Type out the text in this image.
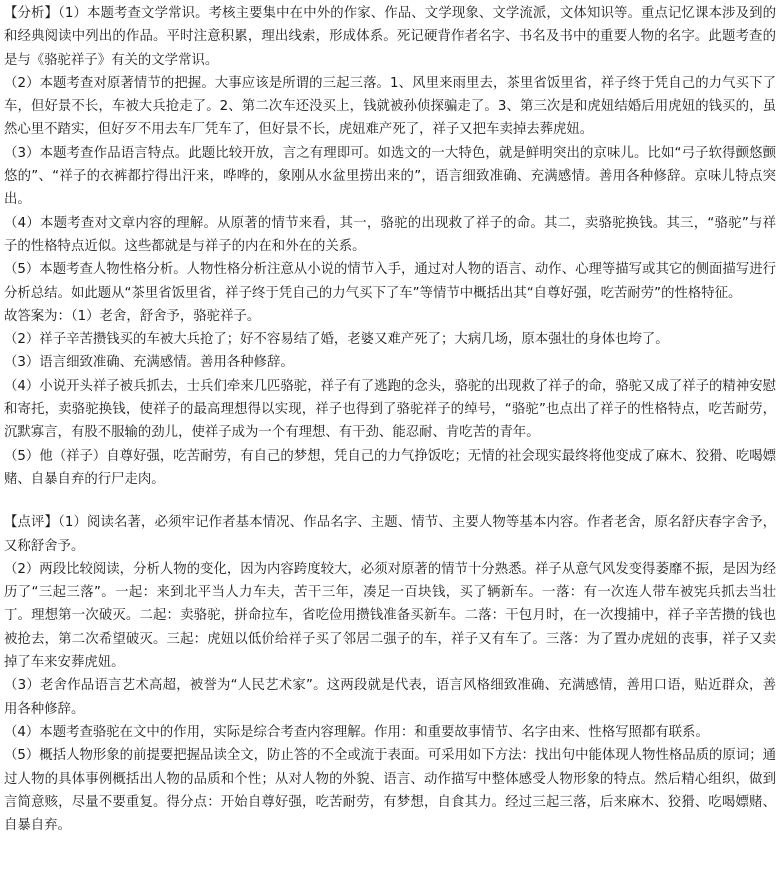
【分析】（1）本题考查文学常识。考核主要集中在中外的作家、作品、文学现象、文学流派，文体知识等。重点记忆课本涉及到的和经典阅读中列出的作品。平时注意积累，理出线索，形成体系。死记硬背作者名字、书名及书中的重要人物的名字。此题考查的是与《骆驼祥子》有关的文学常识。

（2）本题考查对原著情节的把握。大事应该是所谓的三起三落。1、风里来雨里去，茶里省饭里省，祥子终于凭自己的力气买下了车，但好景不长，车被大兵抢走了。2、第二次车还没买上，钱就被孙侦探骗走了。3、第三次是和虎妞结婚后用虎妞的钱买的，虽然心里不踏实，但好歹不用去车厂凭车了，但好景不长，虎妞难产死了，祥子又把车卖掉去葬虎妞。

（3）本题考查作品语言特点。此题比较开放，言之有理即可。如选文的一大特色，就是鲜明突出的京味儿。比如“弓子软得颤悠颤悠的”、“祥子的衣裤都拧得出汗来，哗哗的，象刚从水盆里捞出来的”，语言细致准确、充满感情。善用各种修辞。京味儿特点突出。

（4）本题考查对文章内容的理解。从原著的情节来看，其一，骆驼的出现救了祥子的命。其二，卖骆驼换钱。其三，“骆驼”与祥子的性格特点近似。这些都就是与祥子的内在和外在的关系。

（5）本题考查人物性格分析。人物性格分析注意从小说的情节入手，通过对人物的语言、动作、心理等描写或其它的侧面描写进行分析总结。如此题从“茶里省饭里省，祥子终于凭自己的力气买下了车”等情节中概括出其“自尊好强，吃苦耐劳”的性格特征。

故答案为：（1）老舍，舒舍予，骆驼祥子。

（2）祥子辛苦攒钱买的车被大兵抢了；好不容易结了婚，老婆又难产死了；大病几场，原本强壮的身体也垮了。

（3）语言细致准确、充满感情。善用各种修辞。

（4）小说开头祥子被兵抓去，士兵们牵来几匹骆驼，祥子有了逃跑的念头，骆驼的出现救了祥子的命，骆驼又成了祥子的精神安慰和寄托，卖骆驼换钱，使祥子的最高理想得以实现，祥子也得到了骆驼祥子的绰号，“骆驼”也点出了祥子的性格特点，吃苦耐劳，沉默寡言，有股不服输的劲儿，使祥子成为一个有理想、有干劲、能忍耐、肯吃苦的青年。

（5）他（祥子）自尊好强，吃苦耐劳，有自己的梦想，凭自己的力气挣饭吃；无情的社会现实最终将他变成了麻木、狡猾、吃喝嫖赌、自暴自弃的行尸走肉。

【点评】（1）阅读名著，必须牢记作者基本情况、作品名字、主题、情节、主要人物等基本内容。作者老舍，原名舒庆春字舍予，又称舒舍予。

（2）两段比较阅读，分析人物的变化，因为内容跨度较大，必须对原著的情节十分熟悉。祥子从意气风发变得萎靡不振，是因为经历了“三起三落”。一起：来到北平当人力车夫，苦干三年，凑足一百块钱，买了辆新车。一落：有一次连人带车被宪兵抓去当壮丁。理想第一次破灭。二起：卖骆驼，拼命拉车，省吃俭用攒钱准备买新车。二落：干包月时，在一次搜捕中，祥子辛苦攒的钱也被抢去，第二次希望破灭。三起：虎妞以低价给祥子买了邻居二强子的车，祥子又有车了。三落：为了置办虎妞的丧事，祥子又卖掉了车来安葬虎妞。

（3）老舍作品语言艺术高超，被誉为“人民艺术家”。这两段就是代表，语言风格细致准确、充满感情，善用口语，贴近群众，善用各种修辞。

（4）本题考查骆驼在文中的作用，实际是综合考查内容理解。作用：和重要故事情节、名字由来、性格写照都有联系。

（5）概括人物形象的前提要把握品读全文，防止答的不全或流于表面。可采用如下方法：找出句中能体现人物性格品质的原词；通过人物的具体事例概括出人物的品质和个性；从对人物的外貌、语言、动作描写中整体感受人物形象的特点。然后精心组织，做到言简意赅，尽量不要重复。得分点：开始自尊好强，吃苦耐劳，有梦想，自食其力。经过三起三落，后来麻木、狡猾、吃喝嫖赌、自暴自弃。
